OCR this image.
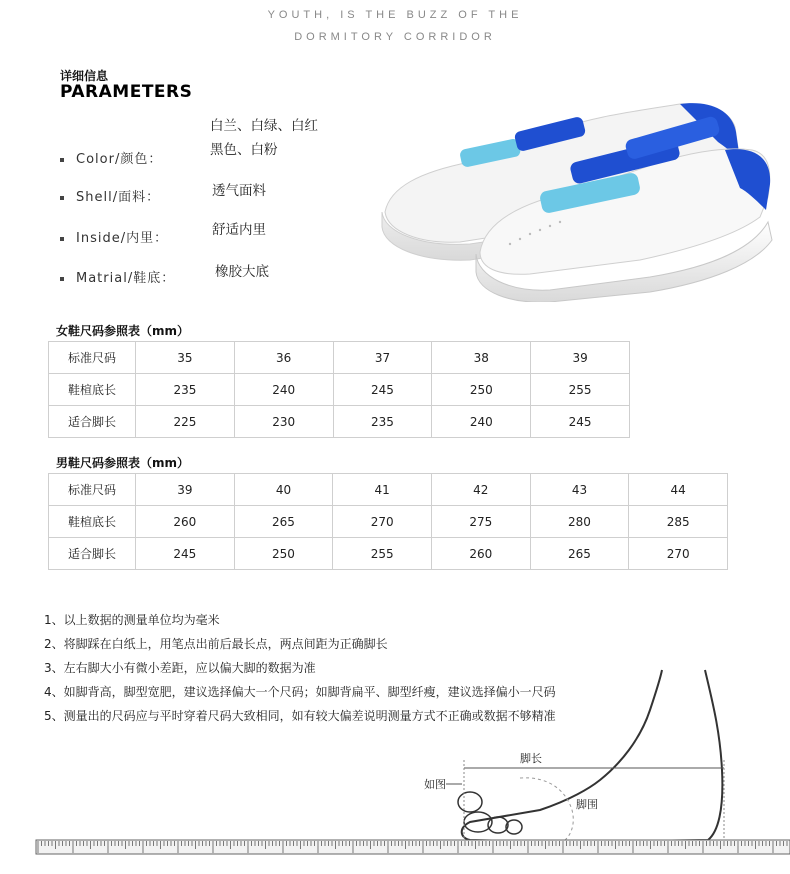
YOUTH, IS THE BUZZ OF THE
DORMITORY CORRIDOR
详细信息
PARAMETERS
Color/颜色：
白兰、白绿、白红
黑色、白粉
Shell/面料：	透气面料
Inside/内里：
舒适内里
Matrial/鞋底：	橡胶大底
女鞋尺码参照表（mm）
标准尺码	35	36	37	38	39
鞋楦底长	235	240	245	250	255
适合脚长	225	230	235	240	245
男鞋尺码参照表（mm）
标准尺码	39	40	41	42	43	44
鞋楦底长	260	265	270	275	280	285
适合脚长	245	250	255	260	265	270
1、以上数据的测量单位均为毫米
2、将脚踩在白纸上，用笔点出前后最长点，两点间距为正确脚长
3、左右脚大小有微小差距，应以偏大脚的数据为准
4、如脚背高，脚型宽肥，建议选择偏大一个尺码；如脚背扁平、脚型纤瘦，建议选择偏小一尺码
5、测量出的尺码应与平时穿着尺码大致相同，如有较大偏差说明测量方式不正确或数据不够精准
脚长
如图
脚围
